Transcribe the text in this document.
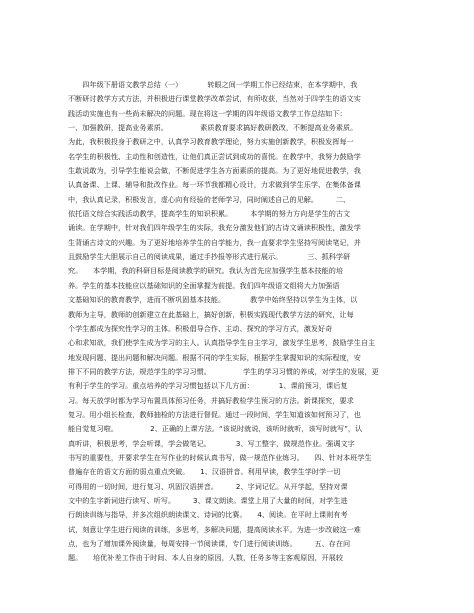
　　四年级下册语文教学总结（一）　　　　转眼之间一学期工作已经结束，在本学期中，我
不断研讨教学方式方法，并积极进行课堂教学改革尝试，有所收获，当然对于四学生的语文实
践活动实施也有一些尚未解决的问题。现在将这一学期的四年级语文教学工作总结如下：
一、加强教研，提高业务素质。　　　　　素质教育要求搞好教研教改，不断提高业务素质。
为此，我积极投身于教研之中，认真学习教育教学理论，努力实施创新教学，积极发挥每一
名学生的积极性、主动性和创造性，让他们真正尝试到成功的喜悦。在教学中，我努力鼓励学
生敢说敢为，引导学生能说会做，不断促进学生各方面素质的提高。为了更好地促进教学，我
认真备课、上课、辅导和批改作业。每一环节我都精心设计，力求做到学生乐学、在集体备课
中，我认真记录，积极发言，虚心向有经验的老师学习，同时阐述自己的见解。　　　二、
依托语文综合实践活动教学，提高学生的知识积累。　　　本学期的努力方向是学生的古文
诵读。在学期中，针对我们四年级学生的实际，我充分激发他们的古诗文诵读积极性，激发学
生背诵古诗文的兴趣。为了更好地培养学生的自学能力，我一直要求学生坚持写阅读笔记，并
且鼓励学生大胆展示自己的阅读成果，通过手抄报等形式进行展示。　　　　三、抓科学研
究。　　本学期，我的科研目标是阅读教学的研究。我认为首先应加强学生基本技能的培
养。学生的基本技能应以基础知识的全面掌握为前提。我们四年级语文组将大力加强语
文基础知识的教育教学，进而不断巩固基本技能。　　　　教学中始终坚持以学生为主体，以
教师为主导，教师的创新建立在此基础上，搞好创新，积极实践现代教学方法的研究，让每
个学生都成为探究性学习的主体。积极倡导合作、主动、探究的学习方式，激发好奇
心和求知欲，我们使学生成为学习的主人。认真指导学生自主学习，激发学生思考，鼓励学生自主
地发现问题、提出问题和解决问题。根据不同的学生实际，根据学生掌握知识的实际程度，安
排下不同的教学方法，规范学生的学习习惯。　　　　　学生的学习习惯的养成，对学生的发展，更
有利于学生的学习。重点培养的学习习惯包括以下几方面：　　　　1、课前预习，课后复
习。每天放学时都为学习布置具体预习任务，并搞好教检学生预习的方法。新课探究，要求
复习。用小组长检查，教师抽检的方法进行督促。通过一段时间，学生知道该如何预习了，也
能自觉复习啦。　　　　　2、正确的上课方法。“该说时就说，该听时就听，该写时就写”，认
真听讲，积极思考，学会听课，学会做笔记。　　　　3、写工整字，做规范作业。强调文字
书写的重要性，并要求学生在写作业的时候认真书写，做一规范作业练习。　　四、针对本班学生
普遍存在的语文方面的弱点重点突破。　　1、汉语拼音。利用早读，教学生学时学一切
可得用的一切时间，进行复习、巩固汉语拼音。　　　2、字词记忆。从开学起，坚持对课
文中的生字新词进行读写、听写。　　　3、课文朗读。课堂上用了大量的时间，对学生进
行朗读训练与指导，并多次组织朗读课文、诗词的比赛。　　4、阅读。在平时上课则有考
试，刻意让学生进行阅读的训练，多思考，多解决问题，提高阅读水平。为进一步改破这一难
点，也为了增加课外阅读量，每周安排一节阅读课，专门进行阅读训练。　　　五、存在问
题。　　培优补差工作由于时间、本人自身的原因，人数，任务多等主客观原因，开展较
